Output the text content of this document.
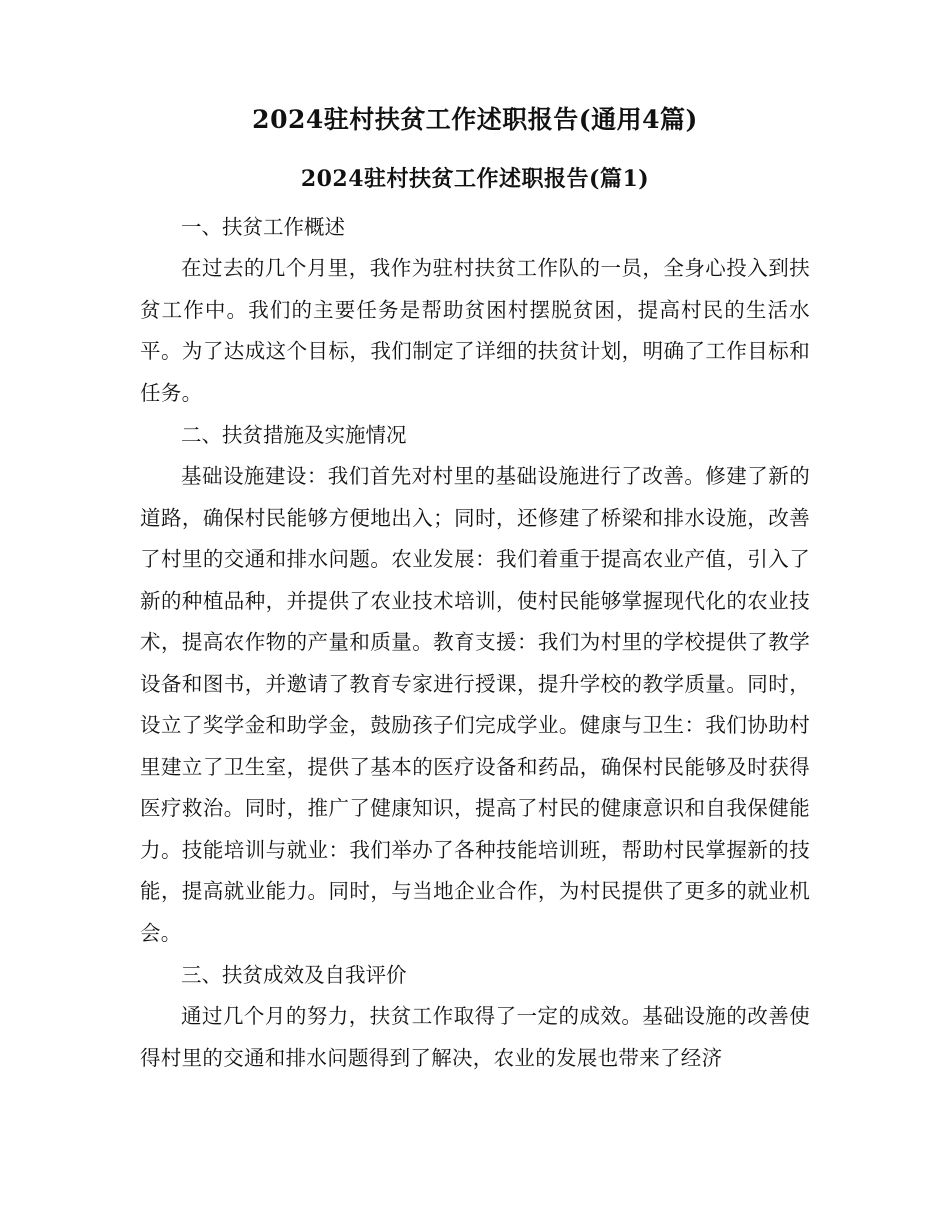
2024驻村扶贫工作述职报告(通用4篇)
2024驻村扶贫工作述职报告(篇1)

一、扶贫工作概述

在过去的几个月里，我作为驻村扶贫工作队的一员，全身心投入到扶贫工作中。我们的主要任务是帮助贫困村摆脱贫困，提高村民的生活水平。为了达成这个目标，我们制定了详细的扶贫计划，明确了工作目标和任务。

二、扶贫措施及实施情况

基础设施建设：我们首先对村里的基础设施进行了改善。修建了新的道路，确保村民能够方便地出入；同时，还修建了桥梁和排水设施，改善了村里的交通和排水问题。农业发展：我们着重于提高农业产值，引入了新的种植品种，并提供了农业技术培训，使村民能够掌握现代化的农业技术，提高农作物的产量和质量。教育支援：我们为村里的学校提供了教学设备和图书，并邀请了教育专家进行授课，提升学校的教学质量。同时，设立了奖学金和助学金，鼓励孩子们完成学业。健康与卫生：我们协助村里建立了卫生室，提供了基本的医疗设备和药品，确保村民能够及时获得医疗救治。同时，推广了健康知识，提高了村民的健康意识和自我保健能力。技能培训与就业：我们举办了各种技能培训班，帮助村民掌握新的技能，提高就业能力。同时，与当地企业合作，为村民提供了更多的就业机会。

三、扶贫成效及自我评价

通过几个月的努力，扶贫工作取得了一定的成效。基础设施的改善使得村里的交通和排水问题得到了解决，农业的发展也带来了经济
